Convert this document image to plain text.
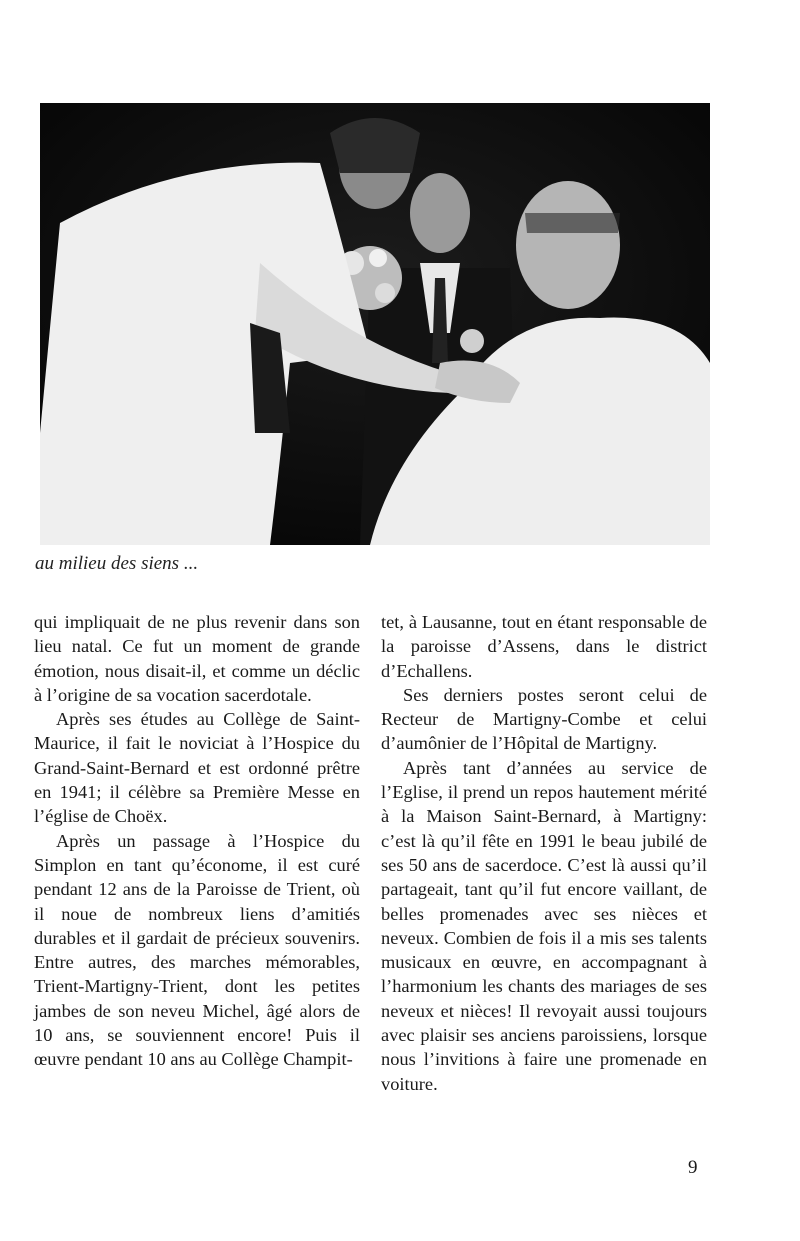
au milieu des siens ...

qui impliquait de ne plus revenir dans son lieu natal. Ce fut un moment de grande émotion, nous disait-il, et comme un déclic à l’origine de sa vocation sacerdotale.

Après ses études au Collège de Saint-Maurice, il fait le noviciat à l’Hospice du Grand-Saint-Bernard et est ordonné prêtre en 1941; il célèbre sa Première Messe en l’église de Choëx.

Après un passage à l’Hospice du Simplon en tant qu’économe, il est curé pendant 12 ans de la Paroisse de Trient, où il noue de nombreux liens d’amitiés durables et il gardait de précieux souvenirs. Entre autres, des marches mémorables, Trient-Martigny-Trient, dont les petites jambes de son neveu Michel, âgé alors de 10 ans, se souviennent encore! Puis il œuvre pendant 10 ans au Collège Champit-

tet, à Lausanne, tout en étant responsable de la paroisse d’Assens, dans le district d’Echallens.

Ses derniers postes seront celui de Recteur de Martigny-Combe et celui d’aumônier de l’Hôpital de Martigny.

Après tant d’années au service de l’Eglise, il prend un repos hautement mérité à la Maison Saint-Bernard, à Martigny: c’est là qu’il fête en 1991 le beau jubilé de ses 50 ans de sacerdoce. C’est là aussi qu’il partageait, tant qu’il fut encore vaillant, de belles promenades avec ses nièces et neveux. Combien de fois il a mis ses talents musicaux en œuvre, en accompagnant à l’harmonium les chants des mariages de ses neveux et nièces! Il revoyait aussi toujours avec plaisir ses anciens paroissiens, lorsque nous l’invitions à faire une promenade en voiture.

9
